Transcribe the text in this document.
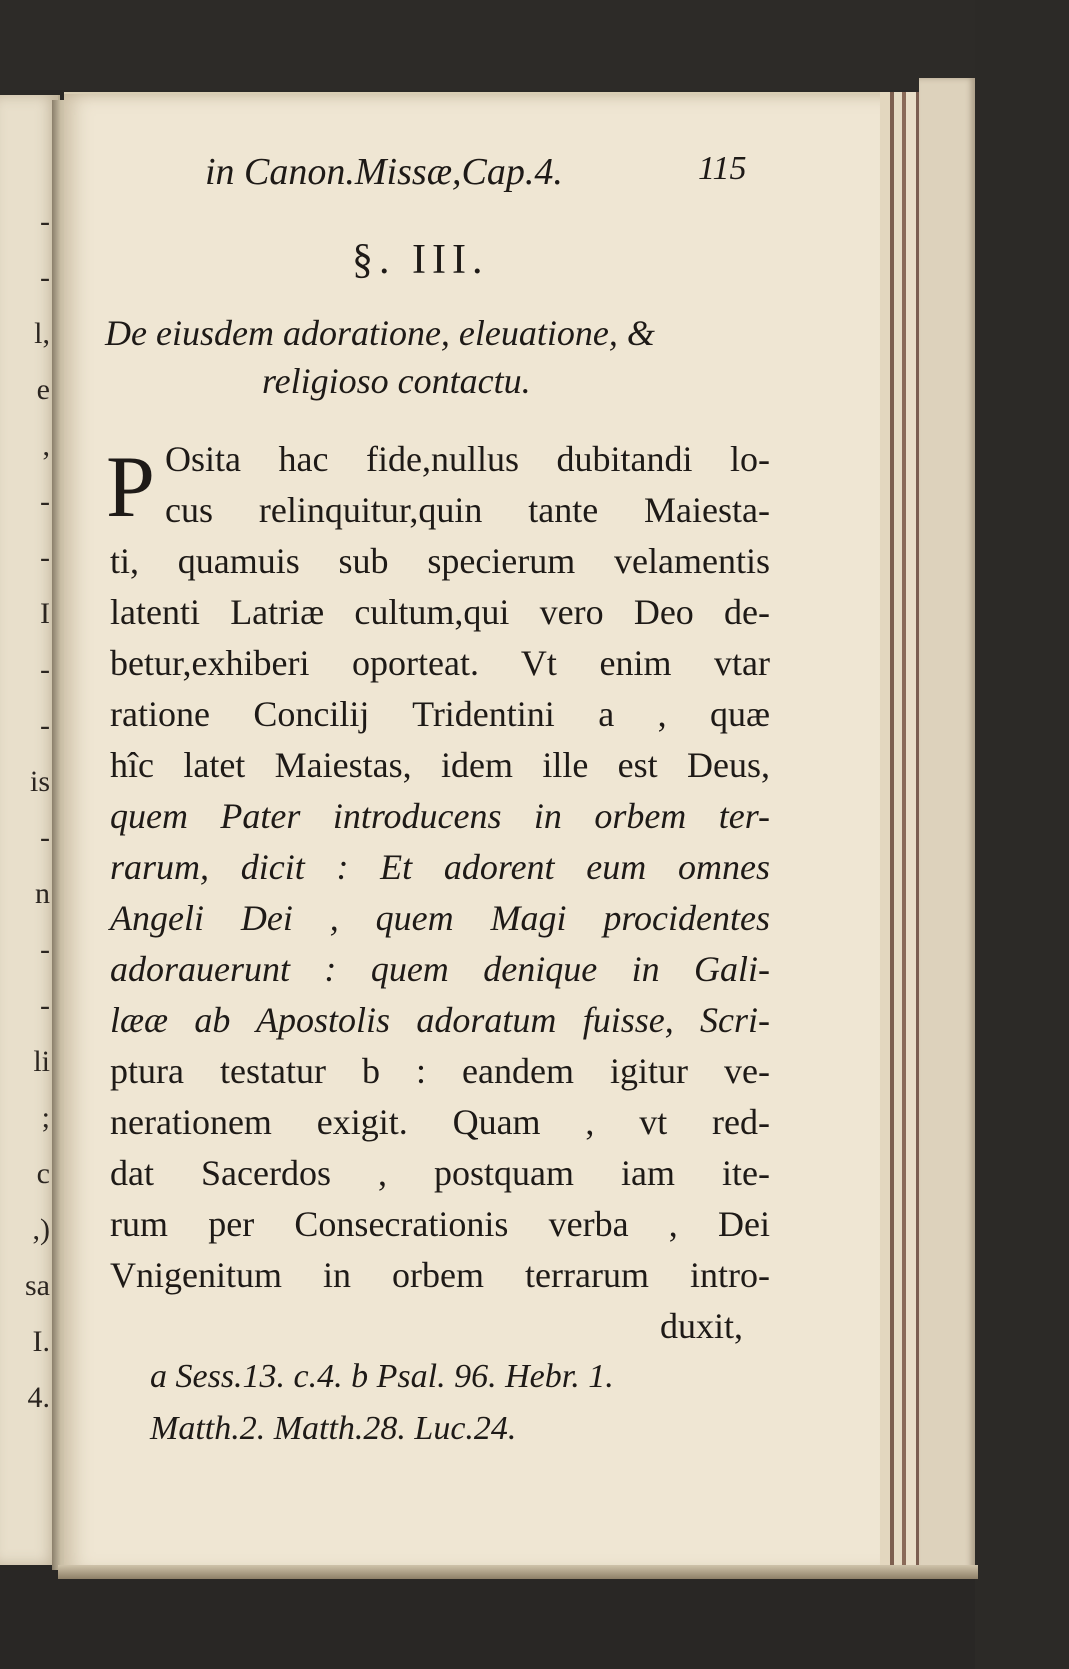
-
-
l,
e
,
-
-
I
-
-
is
-
n
-
-
li
;
c
,)
sa
I.
4.
in Canon.Missæ,Cap.4.	115
§. III.
De eiusdem adoratione, eleuatione, &
religioso contactu.
P Osita hac fide,nullus dubitandi lo-
cus relinquitur,quin tante Maiesta-
ti, quamuis sub specierum velamentis
latenti Latriæ cultum,qui vero Deo de-
betur,exhiberi oporteat. Vt enim vtar
ratione Concilij Tridentini a , quæ
hîc latet Maiestas, idem ille est Deus,
quem Pater introducens in orbem ter-
rarum, dicit : Et adorent eum omnes
Angeli Dei , quem Magi procidentes
adorauerunt : quem denique in Gali-
lææ ab Apostolis adoratum fuisse, Scri-
ptura testatur b : eandem igitur ve-
nerationem exigit. Quam , vt red-
dat Sacerdos , postquam iam ite-
rum per Consecrationis verba , Dei
Vnigenitum in orbem terrarum intro-
duxit,
a Sess.13. c.4. b Psal. 96. Hebr. 1.
Matth.2. Matth.28. Luc.24.
